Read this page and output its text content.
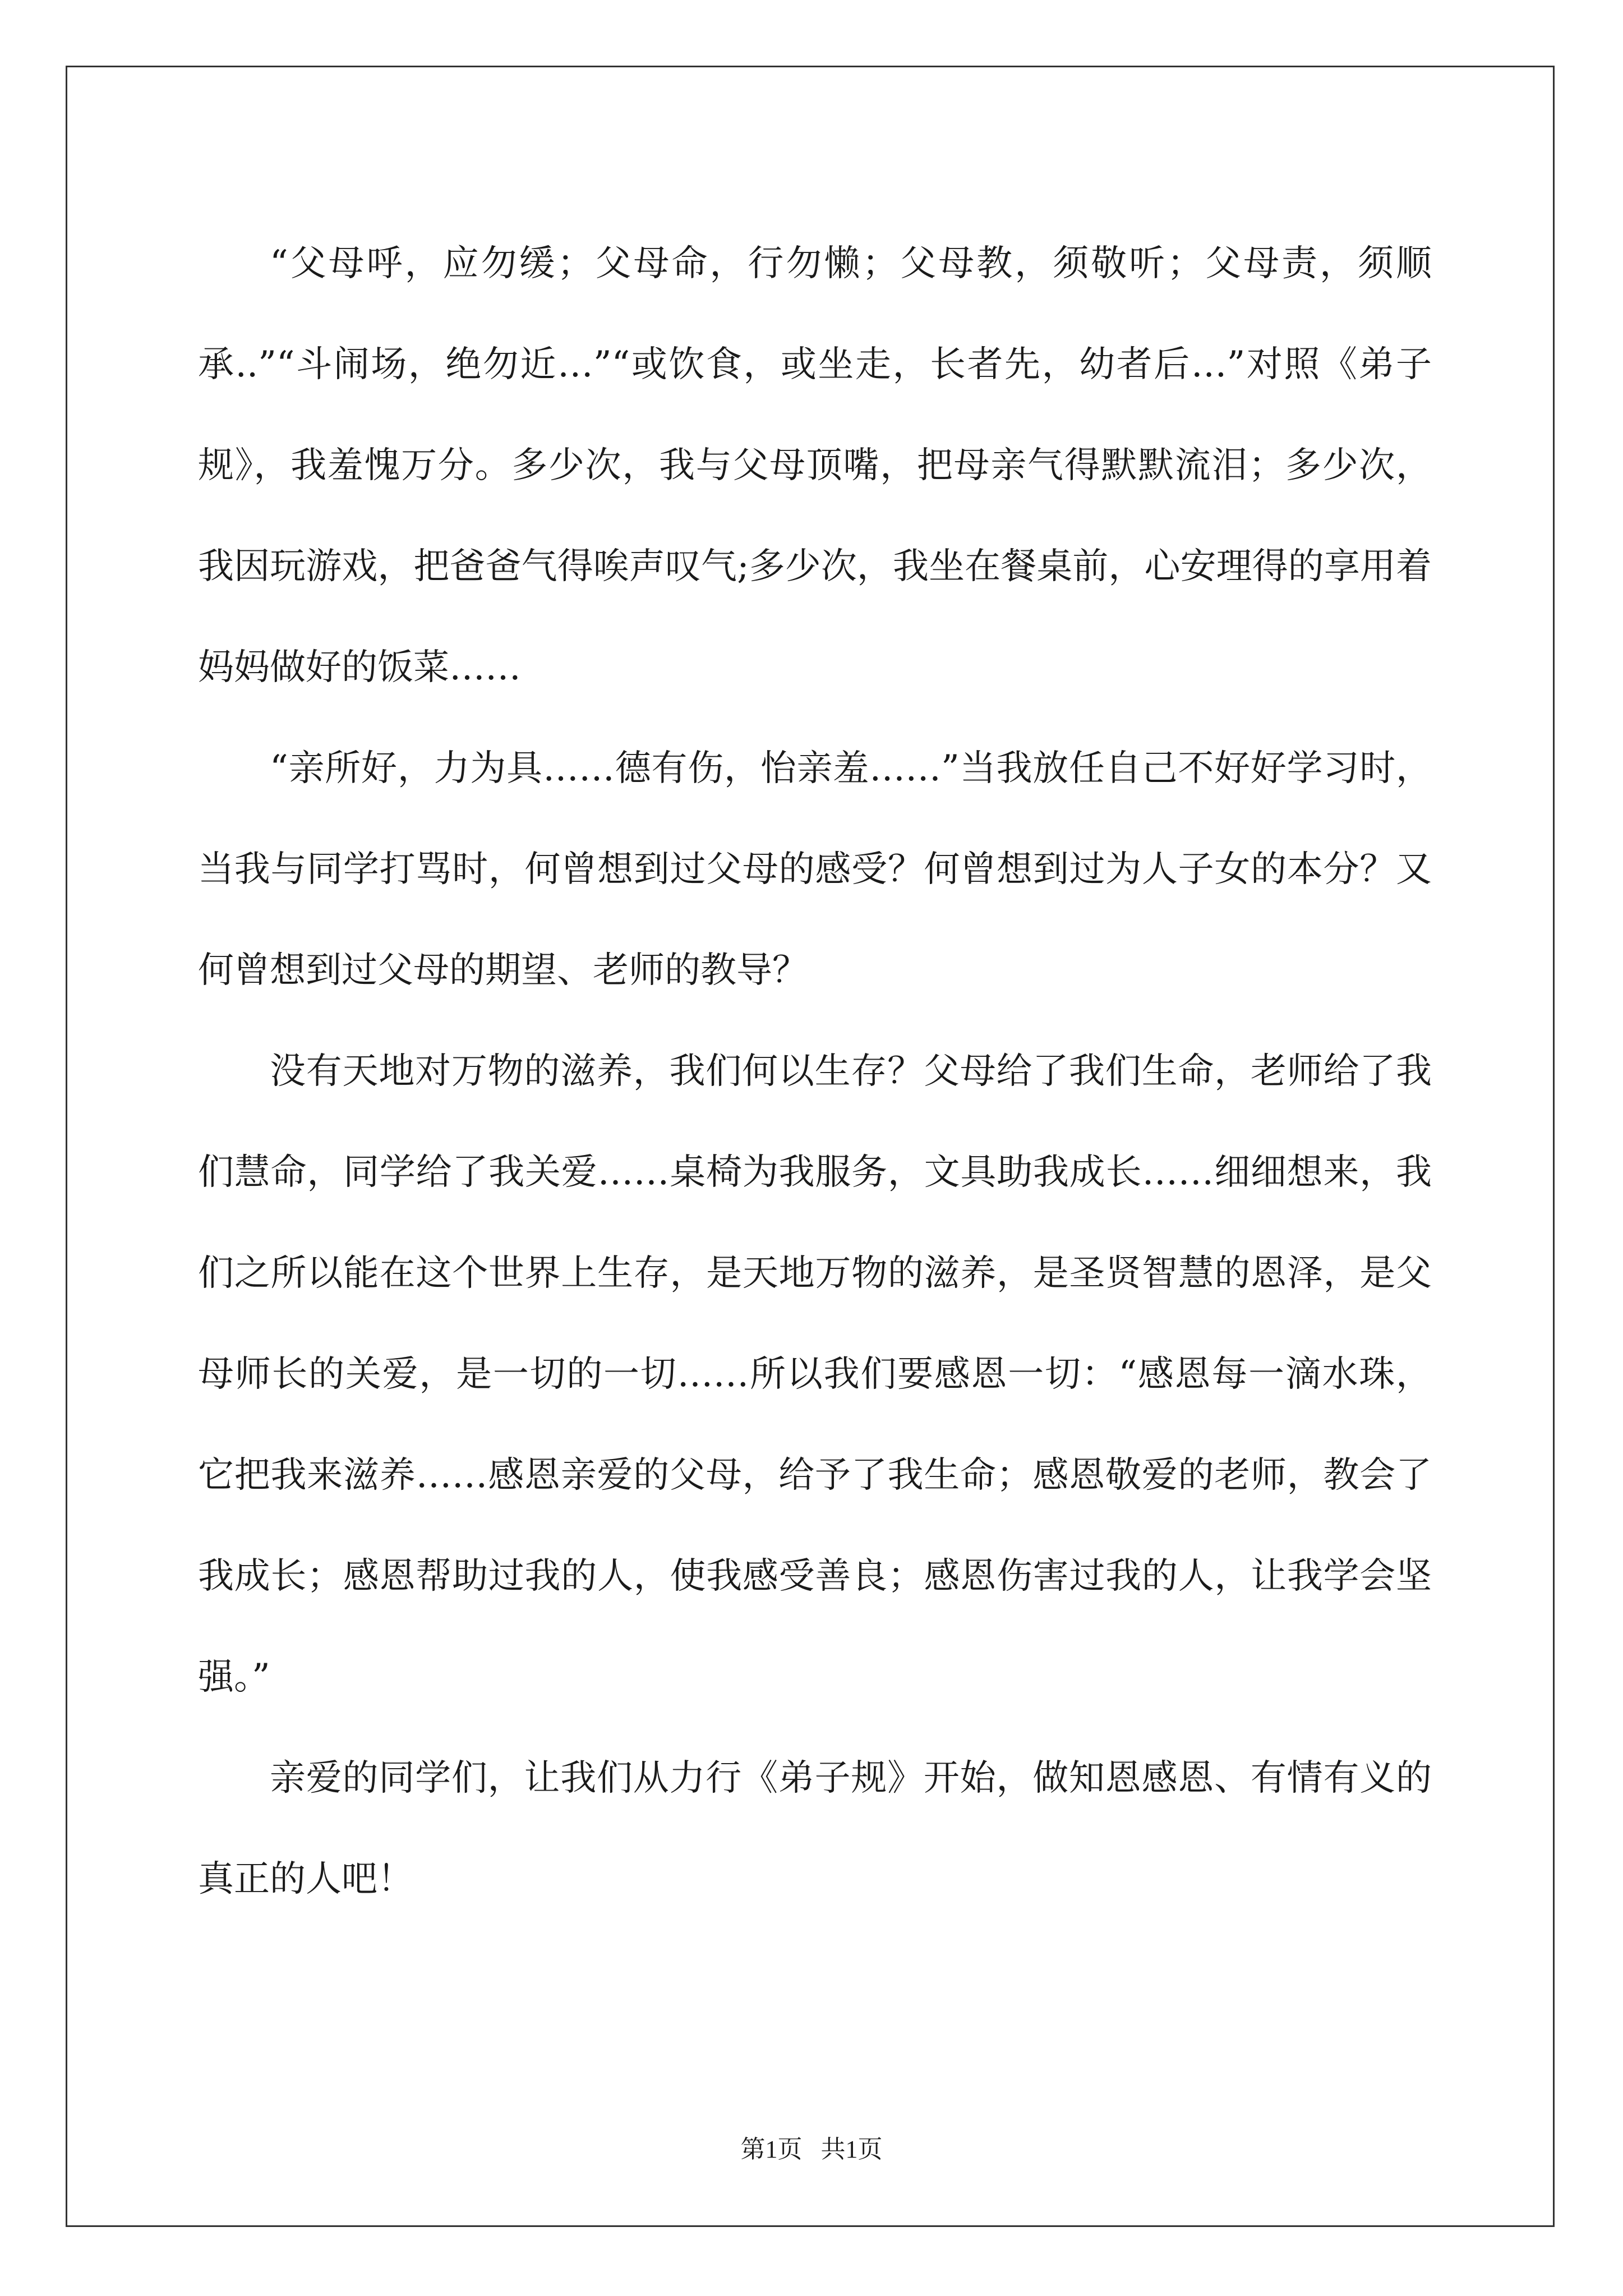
“父母呼，应勿缓；父母命，行勿懒；父母教，须敬听；父母责，须顺承..”“斗闹场，绝勿近…”“或饮食，或坐走，长者先，幼者后…”对照《弟子规》，我羞愧万分。多少次，我与父母顶嘴，把母亲气得默默流泪；多少次，我因玩游戏，把爸爸气得唉声叹气;多少次，我坐在餐桌前，心安理得的享用着妈妈做好的饭菜……

“亲所好，力为具……德有伤，怡亲羞……”当我放任自己不好好学习时，当我与同学打骂时，何曾想到过父母的感受？何曾想到过为人子女的本分？又何曾想到过父母的期望、老师的教导？

没有天地对万物的滋养，我们何以生存？父母给了我们生命，老师给了我们慧命，同学给了我关爱……桌椅为我服务，文具助我成长……细细想来，我们之所以能在这个世界上生存，是天地万物的滋养，是圣贤智慧的恩泽，是父母师长的关爱，是一切的一切……所以我们要感恩一切：“感恩每一滴水珠，它把我来滋养……感恩亲爱的父母，给予了我生命；感恩敬爱的老师，教会了我成长；感恩帮助过我的人，使我感受善良；感恩伤害过我的人，让我学会坚强。”

亲爱的同学们，让我们从力行《弟子规》开始，做知恩感恩、有情有义的真正的人吧！

第1页   共1页
